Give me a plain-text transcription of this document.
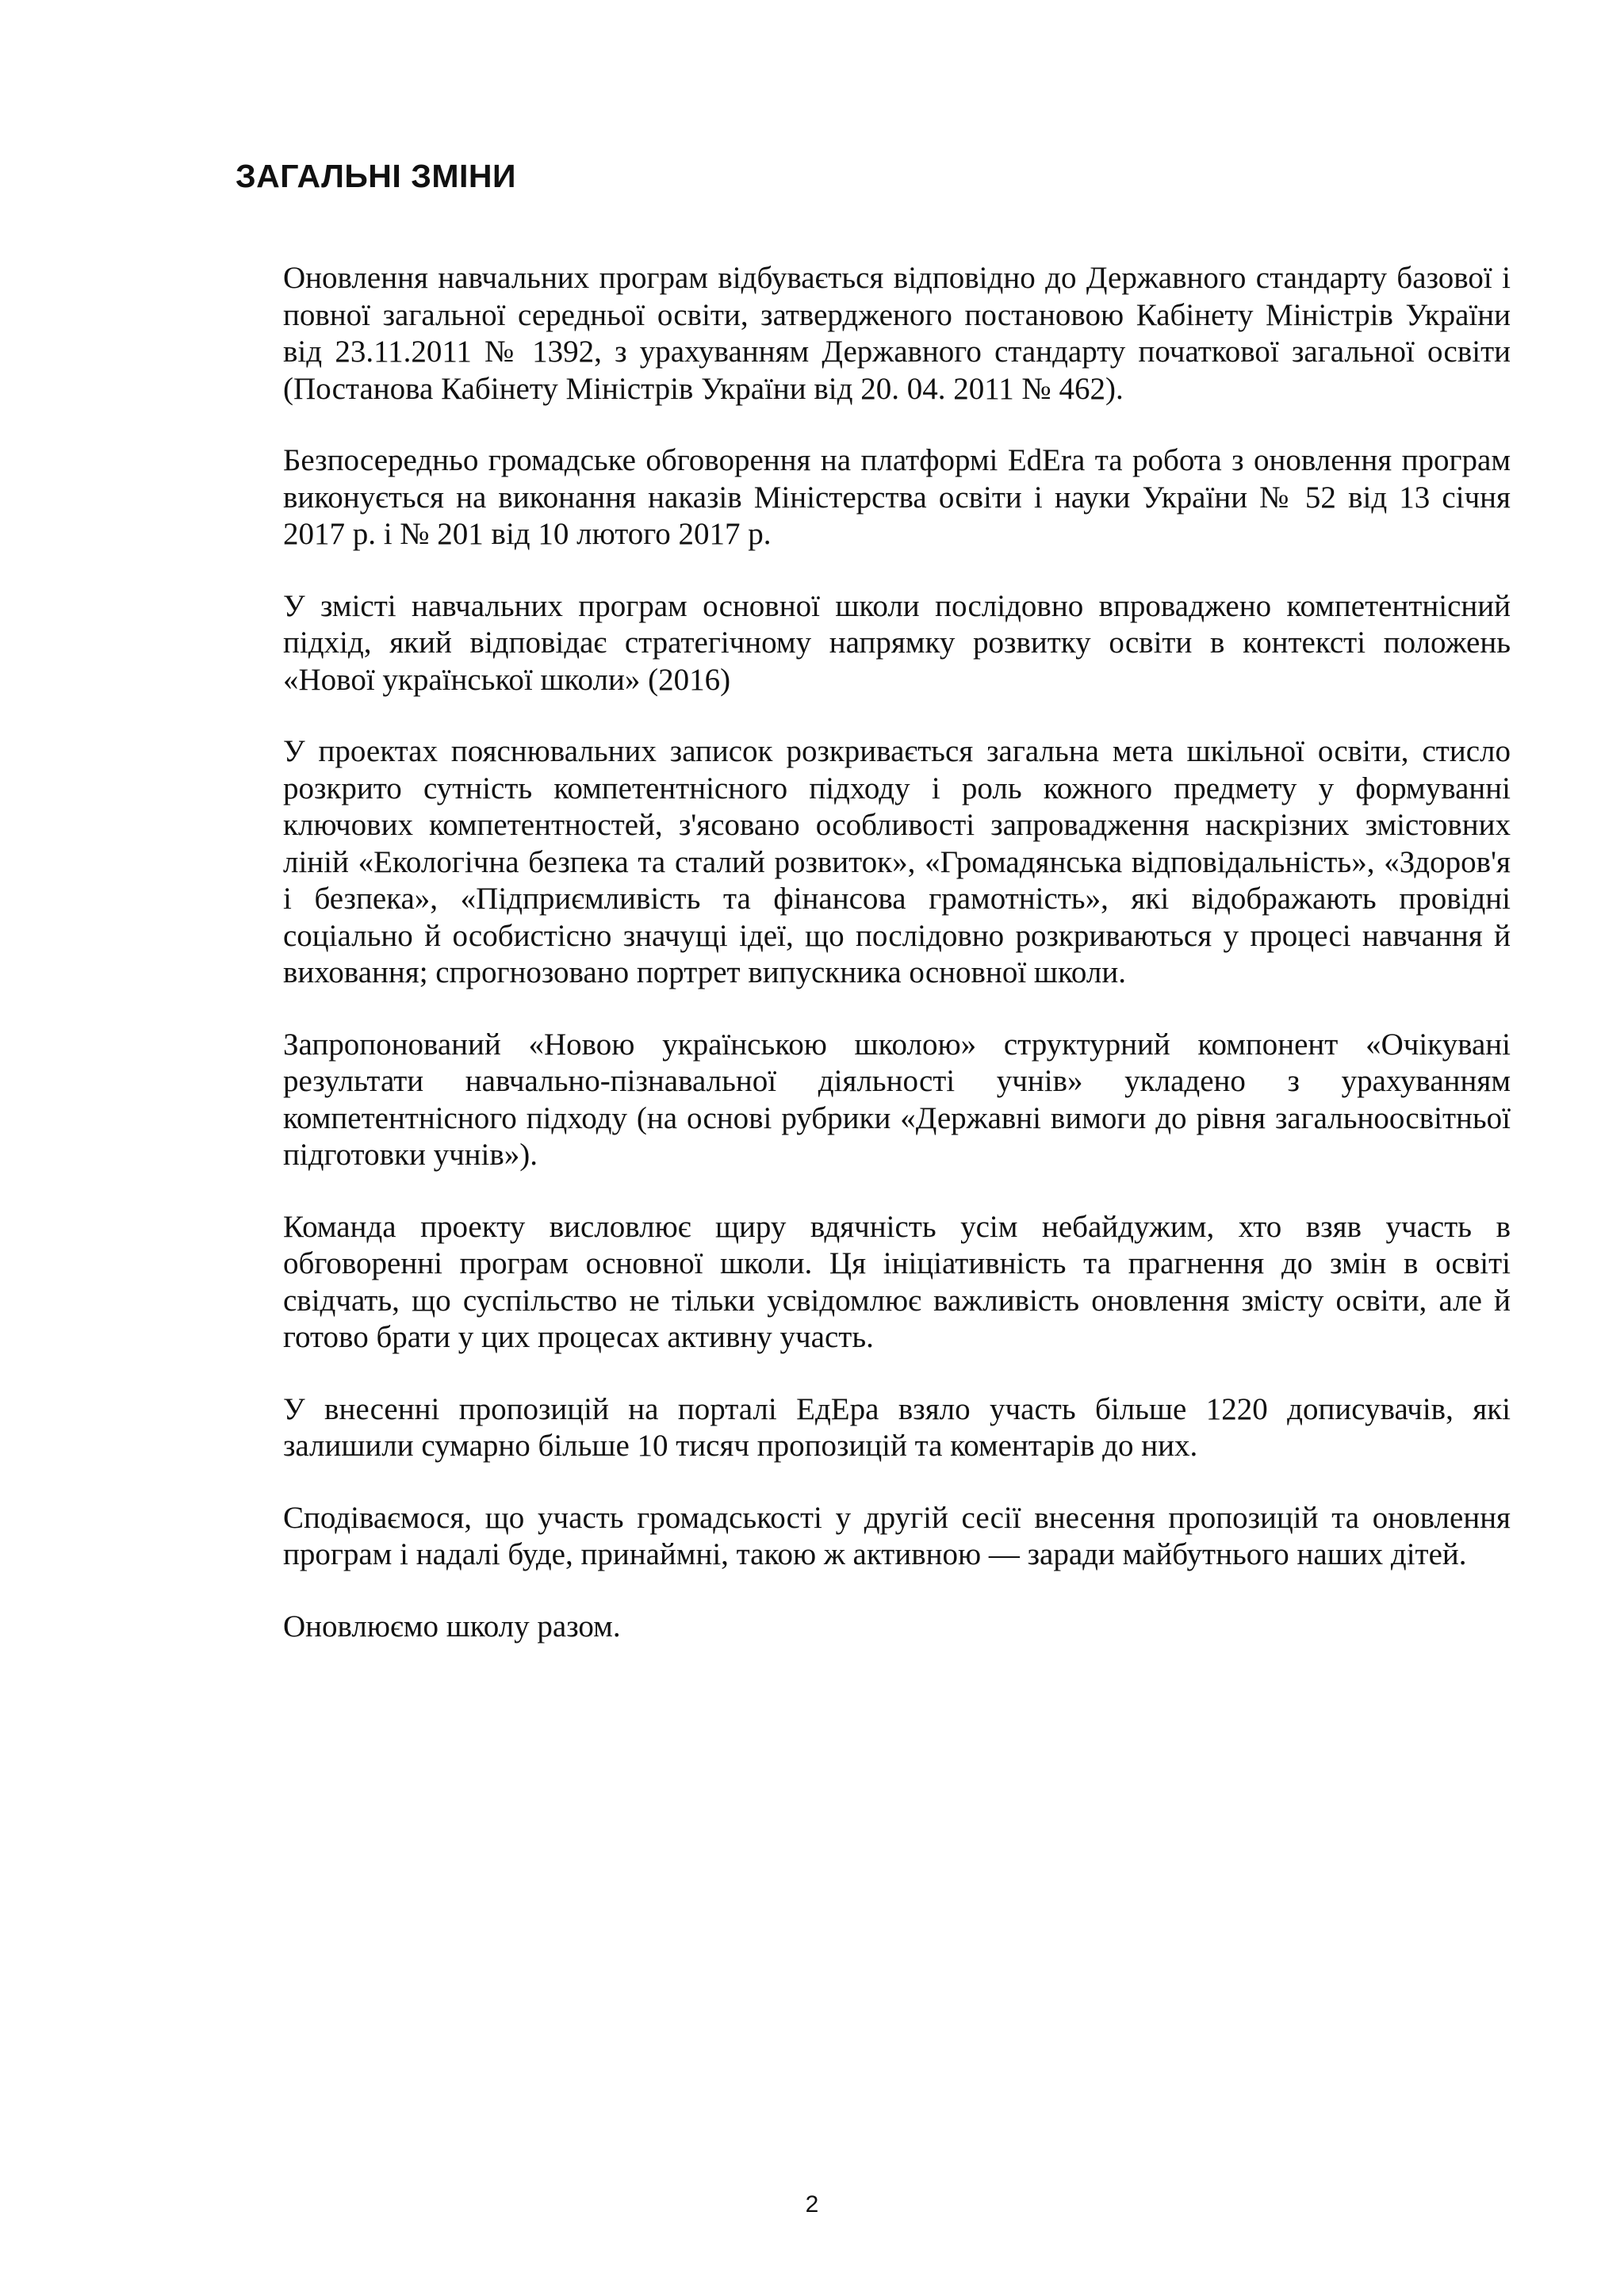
ЗАГАЛЬНІ ЗМІНИ

Оновлення навчальних програм відбувається відповідно до Державного стандарту базової і повної загальної середньої освіти, затвердженого постановою Кабінету Міністрів України від 23.11.2011 № 1392, з урахуванням Державного стандарту початкової загальної освіти (Постанова Кабінету Міністрів України від 20. 04. 2011 № 462).

Безпосередньо громадське обговорення на платформі EdEra та робота з оновлення програм виконується на виконання наказів Міністерства освіти і науки України № 52 від 13 січня 2017 р. і № 201 від 10 лютого 2017 р.

У змісті навчальних програм основної школи послідовно впроваджено компетентнісний підхід, який відповідає стратегічному напрямку розвитку освіти в контексті положень «Нової української школи» (2016)

У проектах пояснювальних записок розкривається загальна мета шкільної освіти, стисло розкрито сутність компетентнісного підходу і роль кожного предмету у формуванні ключових компетентностей, з'ясовано особливості запровадження наскрізних змістовних ліній «Екологічна безпека та сталий розвиток», «Громадянська відповідальність», «Здоров'я і безпека», «Підприємливість та фінансова грамотність», які відображають провідні соціально й особистісно значущі ідеї, що послідовно розкриваються у процесі навчання й виховання; спрогнозовано портрет випускника основної школи.

Запропонований «Новою українською школою» структурний компонент «Очікувані результати навчально-пізнавальної діяльності учнів» укладено з урахуванням компетентнісного підходу (на основі рубрики «Державні вимоги до рівня загальноосвітньої підготовки учнів»).

Команда проекту висловлює щиру вдячність усім небайдужим, хто взяв участь в обговоренні програм основної школи. Ця ініціативність та прагнення до змін в освіті свідчать, що суспільство не тільки усвідомлює важливість оновлення змісту освіти, але й готово брати у цих процесах активну участь.

У внесенні пропозицій на порталі ЕдЕра взяло участь більше 1220 дописувачів, які залишили сумарно більше 10 тисяч пропозицій та коментарів до них.

Сподіваємося, що участь громадськості у другій сесії внесення пропозицій та оновлення програм і надалі буде, принаймні, такою ж активною — заради майбутнього наших дітей.

Оновлюємо школу разом.

2
